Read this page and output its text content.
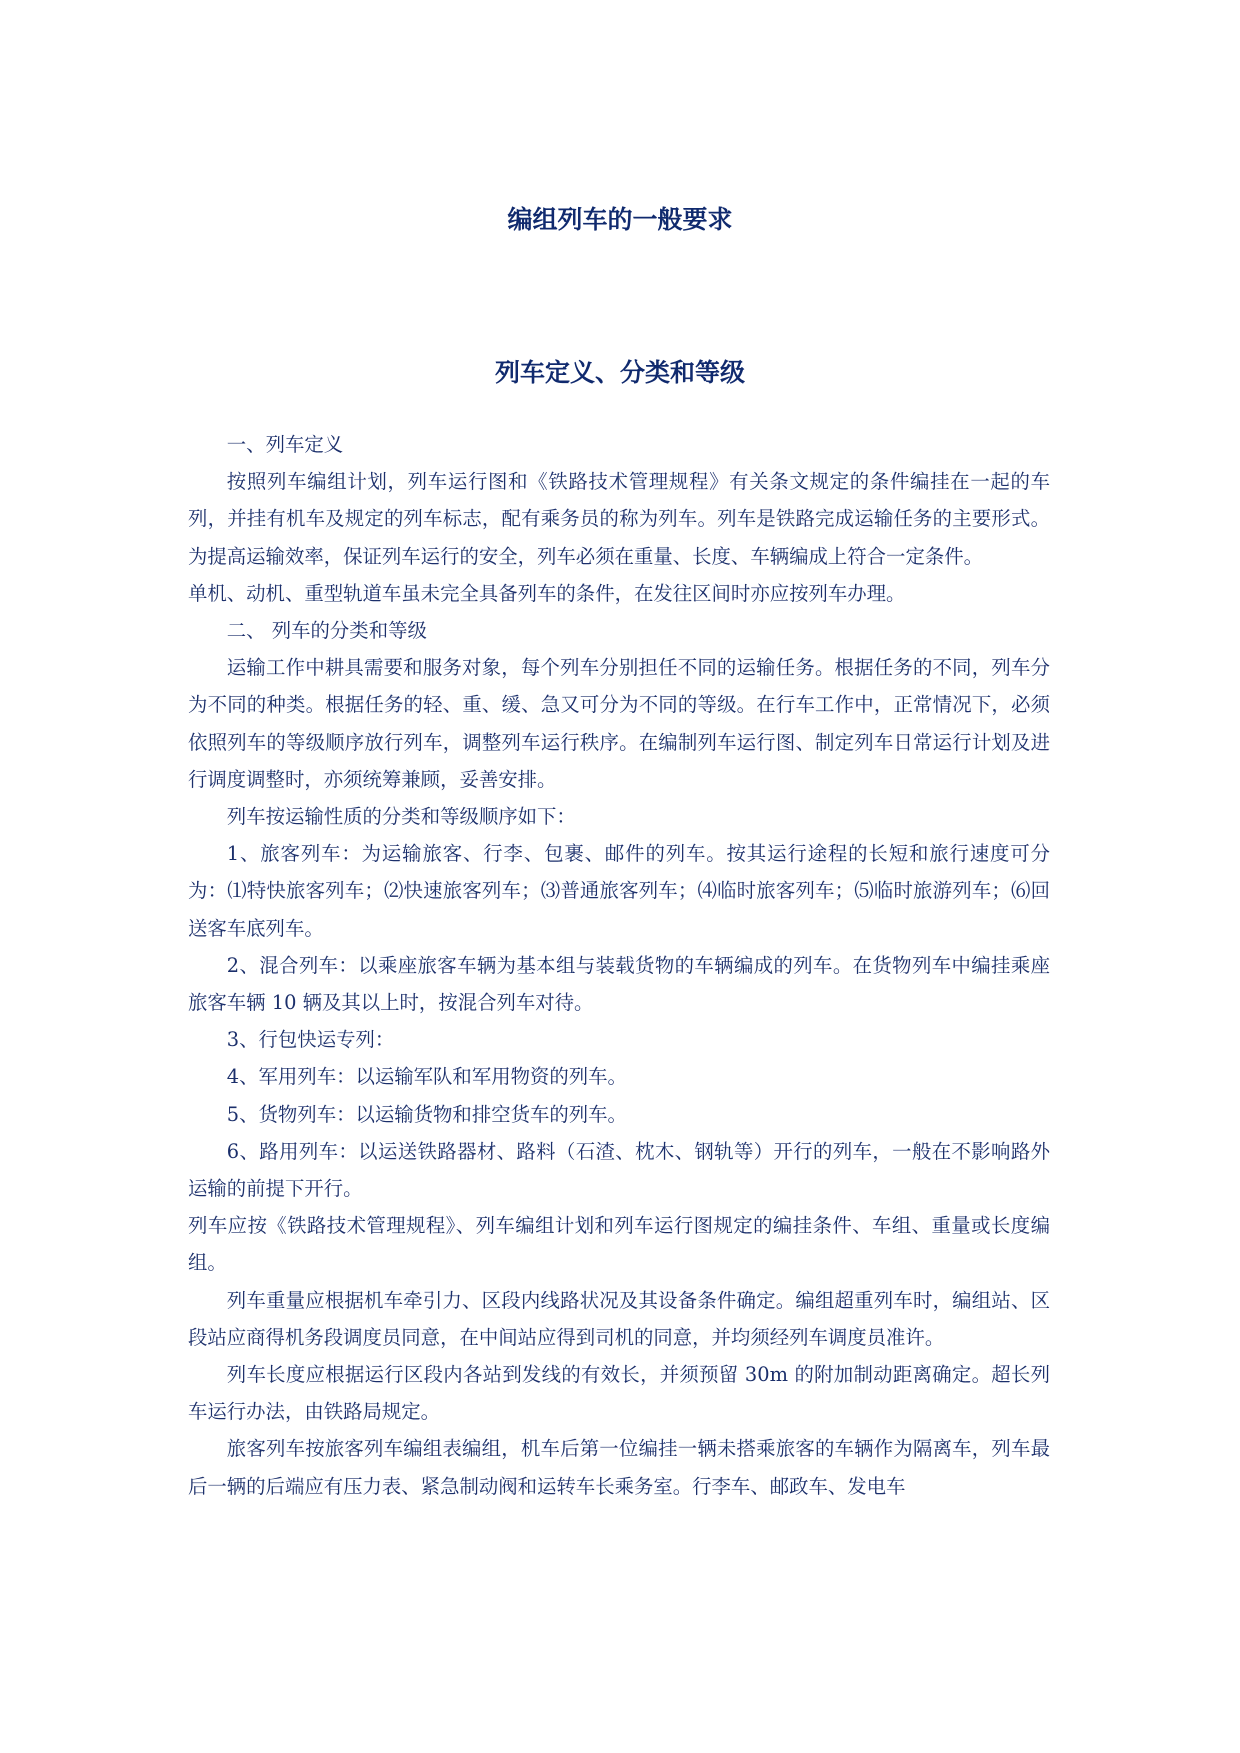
编组列车的一般要求
列车定义、分类和等级

一、列车定义

按照列车编组计划，列车运行图和《铁路技术管理规程》有关条文规定的条件编挂在一起的车列，并挂有机车及规定的列车标志，配有乘务员的称为列车。列车是铁路完成运输任务的主要形式。为提高运输效率，保证列车运行的安全，列车必须在重量、长度、车辆编成上符合一定条件。

单机、动机、重型轨道车虽未完全具备列车的条件，在发往区间时亦应按列车办理。

二、 列车的分类和等级

运输工作中耕具需要和服务对象，每个列车分别担任不同的运输任务。根据任务的不同，列车分为不同的种类。根据任务的轻、重、缓、急又可分为不同的等级。在行车工作中，正常情况下，必须依照列车的等级顺序放行列车，调整列车运行秩序。在编制列车运行图、制定列车日常运行计划及进行调度调整时，亦须统筹兼顾，妥善安排。

列车按运输性质的分类和等级顺序如下：

1、旅客列车：为运输旅客、行李、包裹、邮件的列车。按其运行途程的长短和旅行速度可分为：⑴特快旅客列车；⑵快速旅客列车；⑶普通旅客列车；⑷临时旅客列车；⑸临时旅游列车；⑹回送客车底列车。

2、混合列车：以乘座旅客车辆为基本组与装载货物的车辆编成的列车。在货物列车中编挂乘座旅客车辆 10 辆及其以上时，按混合列车对待。

3、行包快运专列：

4、军用列车：以运输军队和军用物资的列车。

5、货物列车：以运输货物和排空货车的列车。

6、路用列车：以运送铁路器材、路料（石渣、枕木、钢轨等）开行的列车，一般在不影响路外运输的前提下开行。

列车应按《铁路技术管理规程》、列车编组计划和列车运行图规定的编挂条件、车组、重量或长度编组。

列车重量应根据机车牵引力、区段内线路状况及其设备条件确定。编组超重列车时，编组站、区段站应商得机务段调度员同意，在中间站应得到司机的同意，并均须经列车调度员准许。

列车长度应根据运行区段内各站到发线的有效长，并须预留 30m 的附加制动距离确定。超长列车运行办法，由铁路局规定。

旅客列车按旅客列车编组表编组，机车后第一位编挂一辆未搭乘旅客的车辆作为隔离车，列车最后一辆的后端应有压力表、紧急制动阀和运转车长乘务室。行李车、邮政车、发电车
